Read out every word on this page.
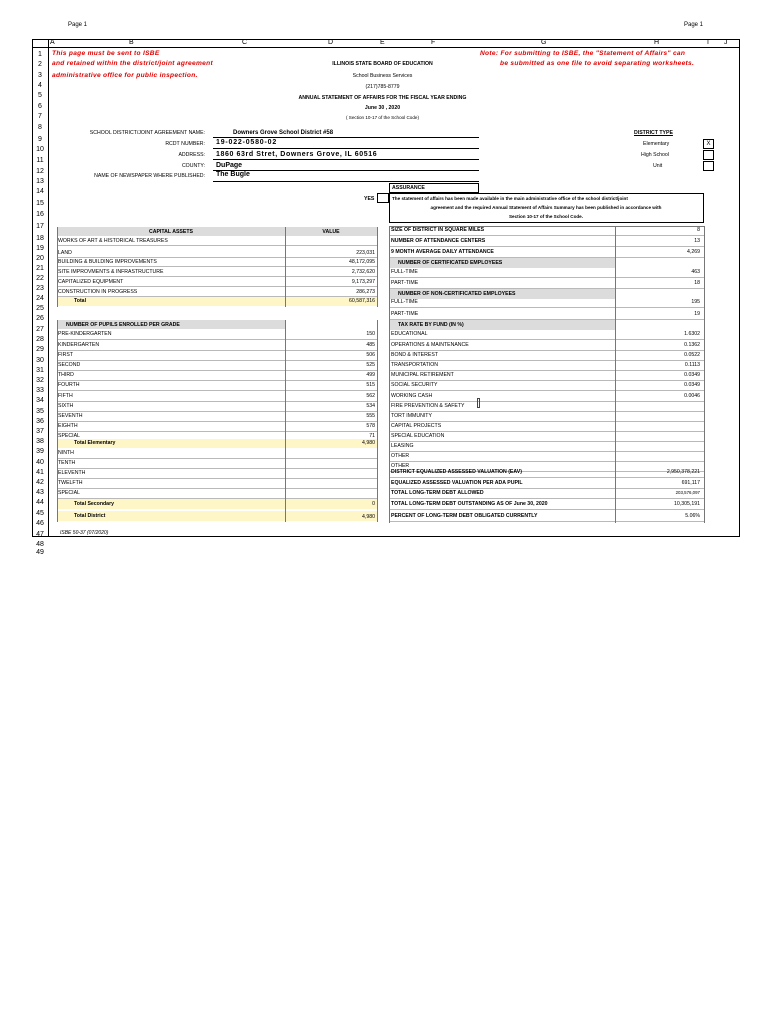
Page 1	Page 1
A	B	C	D	E	F	G	H	I J
This page must be sent to ISBE
and retained within the district/joint agreement
administrative office for public inspection.
Note: For submitting to ISBE, the "Statement of Affairs" can
be submitted as one file to avoid separating worksheets.
ILLINOIS STATE BOARD OF EDUCATION
School Business Services
(217)785-8779
ANNUAL STATEMENT OF AFFAIRS FOR THE FISCAL YEAR ENDING
June 30 , 2020
( Section 10-17 of the School Code)
SCHOOL DISTRICT/JOINT AGREEMENT NAME:	Downers Grove School District #58
RCDT NUMBER: 19-022-0580-02
ADDRESS: 1860 63rd Stret, Downers Grove, IL 60516
COUNTY: DuPage
NAME OF NEWSPAPER WHERE PUBLISHED: The Bugle
DISTRICT TYPE
Elementary
High School
Unit
X
ASSURANCE
YES	The statement of affairs has been made available in the main administrative office of the school district/joint
agreement and the required Annual Statement of Affairs Summary has been published in accordance with
Section 10-17 of the School Code.
CAPITAL ASSETS	VALUE
Total	60,587,316
NUMBER OF PUPILS ENROLLED PER GRADE
ISBE 50-37 (07/2020)
1
2
3
4
5
6
7
8
9
10
11
12
13
14
15
16
17
18
19
20
21
22
23
24
25
26
27
28
29
30
31
32
33
34
35
36
37
38
39
40
41
42
43
44
45
46
47
48
49
WORKS OF ART & HISTORICAL TREASURES
LAND	223,031
BUILDING & BUILDING IMPROVEMENTS	48,172,095
SITE IMPROVMENTS & INFRASTRUCTURE	2,732,620
CAPITALIZED EQUIPMENT	9,173,297
CONSTRUCTION IN PROGRESS	286,273
PRE-KINDERGARTEN	150
KINDERGARTEN	485
FIRST	506
SECOND	525
THIRD	499
FOURTH	515
FIFTH	562
SIXTH	534
SEVENTH	555
EIGHTH	578
SPECIAL	71
Total Elementary	4,980
NINTH
TENTH
ELEVENTH
TWELFTH
SPECIAL
Total Secondary	0
Total District	4,980
SIZE OF DISTRICT IN SQUARE MILES	8
NUMBER OF ATTENDANCE CENTERS	13
9 MONTH AVERAGE DAILY ATTENDANCE	4,269
NUMBER OF CERTIFICATED EMPLOYEES
FULL-TIME	463
PART-TIME	18
NUMBER OF NON-CERTIFICATED EMPLOYEES
FULL-TIME	195
PART-TIME	19
TAX RATE BY FUND (IN %)
EDUCATIONAL	1.6302
OPERATIONS & MAINTENANCE	0.1362
BOND & INTEREST	0.0522
TRANSPORTATION	0.1113
MUNICIPAL RETIREMENT	0.0349
SOCIAL SECURITY	0.0349
WORKING CASH	0.0046
FIRE PREVENTION & SAFETY
TORT IMMUNITY
CAPITAL PROJECTS
SPECIAL EDUCATION
LEASING
OTHER
OTHER
DISTRICT EQUALIZED ASSESSED VALUATION (EAV)	2,950,378,221
EQUALIZED ASSESSED VALUATION PER ADA PUPIL	691,117
TOTAL LONG-TERM DEBT ALLOWED	203,576,097
TOTAL LONG-TERM DEBT OUTSTANDING AS OF June 30, 2020	10,305,191
PERCENT OF LONG-TERM DEBT OBLIGATED CURRENTLY	5.06%
